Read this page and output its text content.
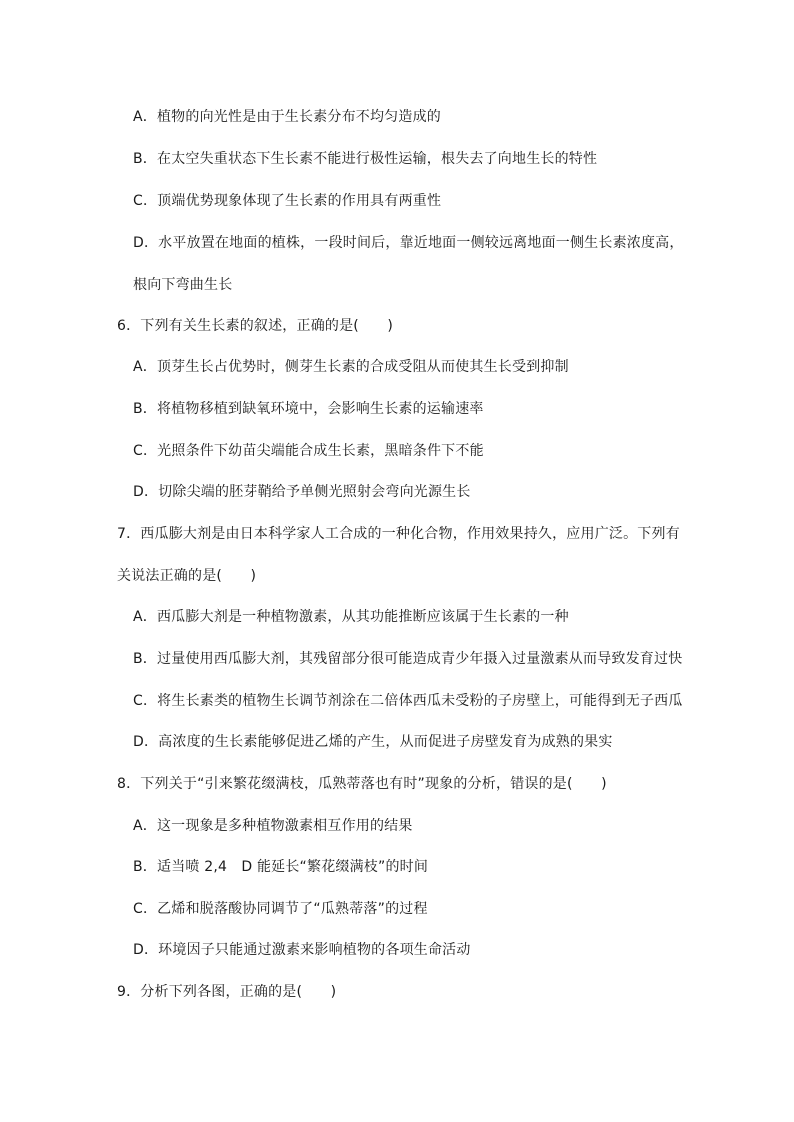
A．植物的向光性是由于生长素分布不均匀造成的
B．在太空失重状态下生长素不能进行极性运输，根失去了向地生长的特性
C．顶端优势现象体现了生长素的作用具有两重性
D．水平放置在地面的植株，一段时间后，靠近地面一侧较远离地面一侧生长素浓度高，
根向下弯曲生长
6．下列有关生长素的叙述，正确的是(　　)
A．顶芽生长占优势时，侧芽生长素的合成受阻从而使其生长受到抑制
B．将植物移植到缺氧环境中，会影响生长素的运输速率
C．光照条件下幼苗尖端能合成生长素，黑暗条件下不能
D．切除尖端的胚芽鞘给予单侧光照射会弯向光源生长
7．西瓜膨大剂是由日本科学家人工合成的一种化合物，作用效果持久，应用广泛。下列有
关说法正确的是(　　)
A．西瓜膨大剂是一种植物激素，从其功能推断应该属于生长素的一种
B．过量使用西瓜膨大剂，其残留部分很可能造成青少年摄入过量激素从而导致发育过快
C．将生长素类的植物生长调节剂涂在二倍体西瓜未受粉的子房壁上，可能得到无子西瓜
D．高浓度的生长素能够促进乙烯的产生，从而促进子房壁发育为成熟的果实
8．下列关于“引来繁花缀满枝，瓜熟蒂落也有时”现象的分析，错误的是(　　)
A．这一现象是多种植物激素相互作用的结果
B．适当喷 2,4　D 能延长“繁花缀满枝”的时间
C．乙烯和脱落酸协同调节了“瓜熟蒂落”的过程
D．环境因子只能通过激素来影响植物的各项生命活动
9．分析下列各图，正确的是(　　)
